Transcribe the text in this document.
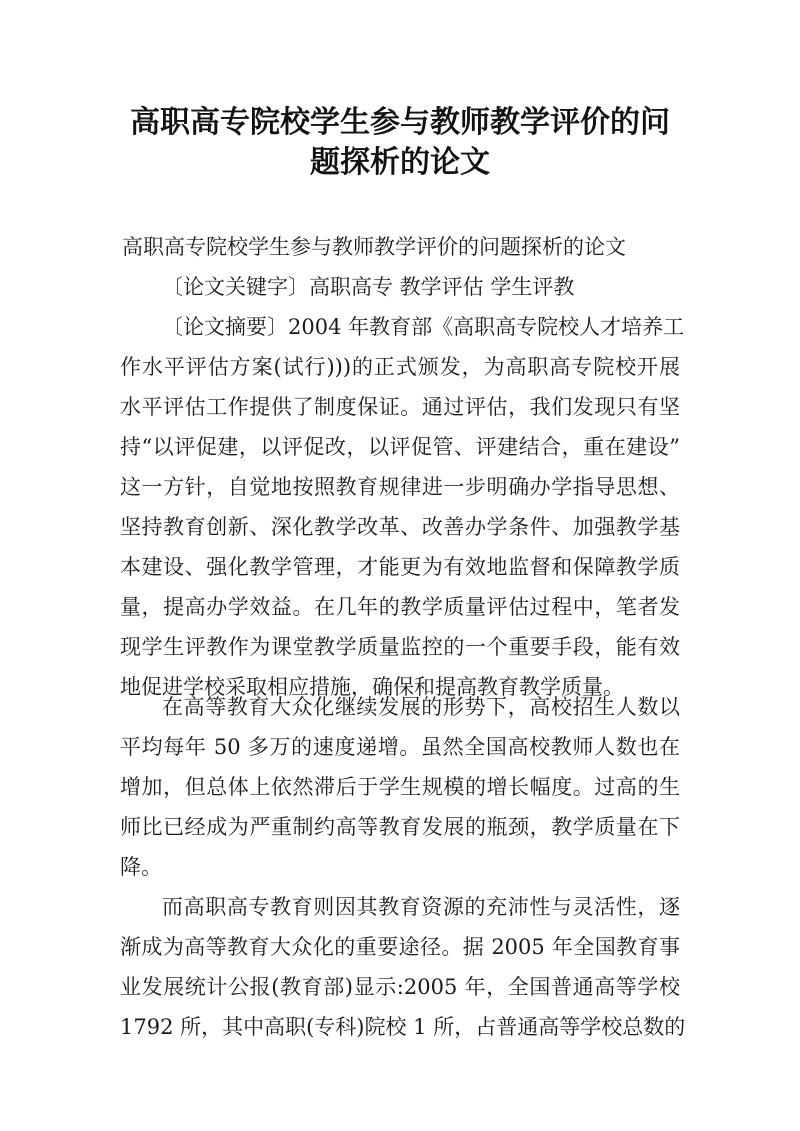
高职高专院校学生参与教师教学评价的问
题探析的论文

高职高专院校学生参与教师教学评价的问题探析的论文

〔论文关键字〕高职高专 教学评估 学生评教

〔论文摘要〕2004 年教育部《高职高专院校人才培养工

作水平评估方案(试行)))的正式颁发，为高职高专院校开展

水平评估工作提供了制度保证。通过评估，我们发现只有坚

持“以评促建，以评促改，以评促管、评建结合，重在建设”

这一方针，自觉地按照教育规律进一步明确办学指导思想、

坚持教育创新、深化教学改革、改善办学条件、加强教学基

本建设、强化教学管理，才能更为有效地监督和保障教学质

量，提高办学效益。在几年的教学质量评估过程中，笔者发

现学生评教作为课堂教学质量监控的一个重要手段，能有效

地促进学校采取相应措施，确保和提高教育教学质量。

在高等教育大众化继续发展的形势下，高校招生人数以

平均每年 50 多万的速度递增。虽然全国高校教师人数也在

增加，但总体上依然滞后于学生规模的增长幅度。过高的生

师比已经成为严重制约高等教育发展的瓶颈，教学质量在下

降。

而高职高专教育则因其教育资源的充沛性与灵活性，逐

渐成为高等教育大众化的重要途径。据 2005 年全国教育事

业发展统计公报(教育部)显示:2005 年，全国普通高等学校

1792 所，其中高职(专科)院校 1 所，占普通高等学校总数的
